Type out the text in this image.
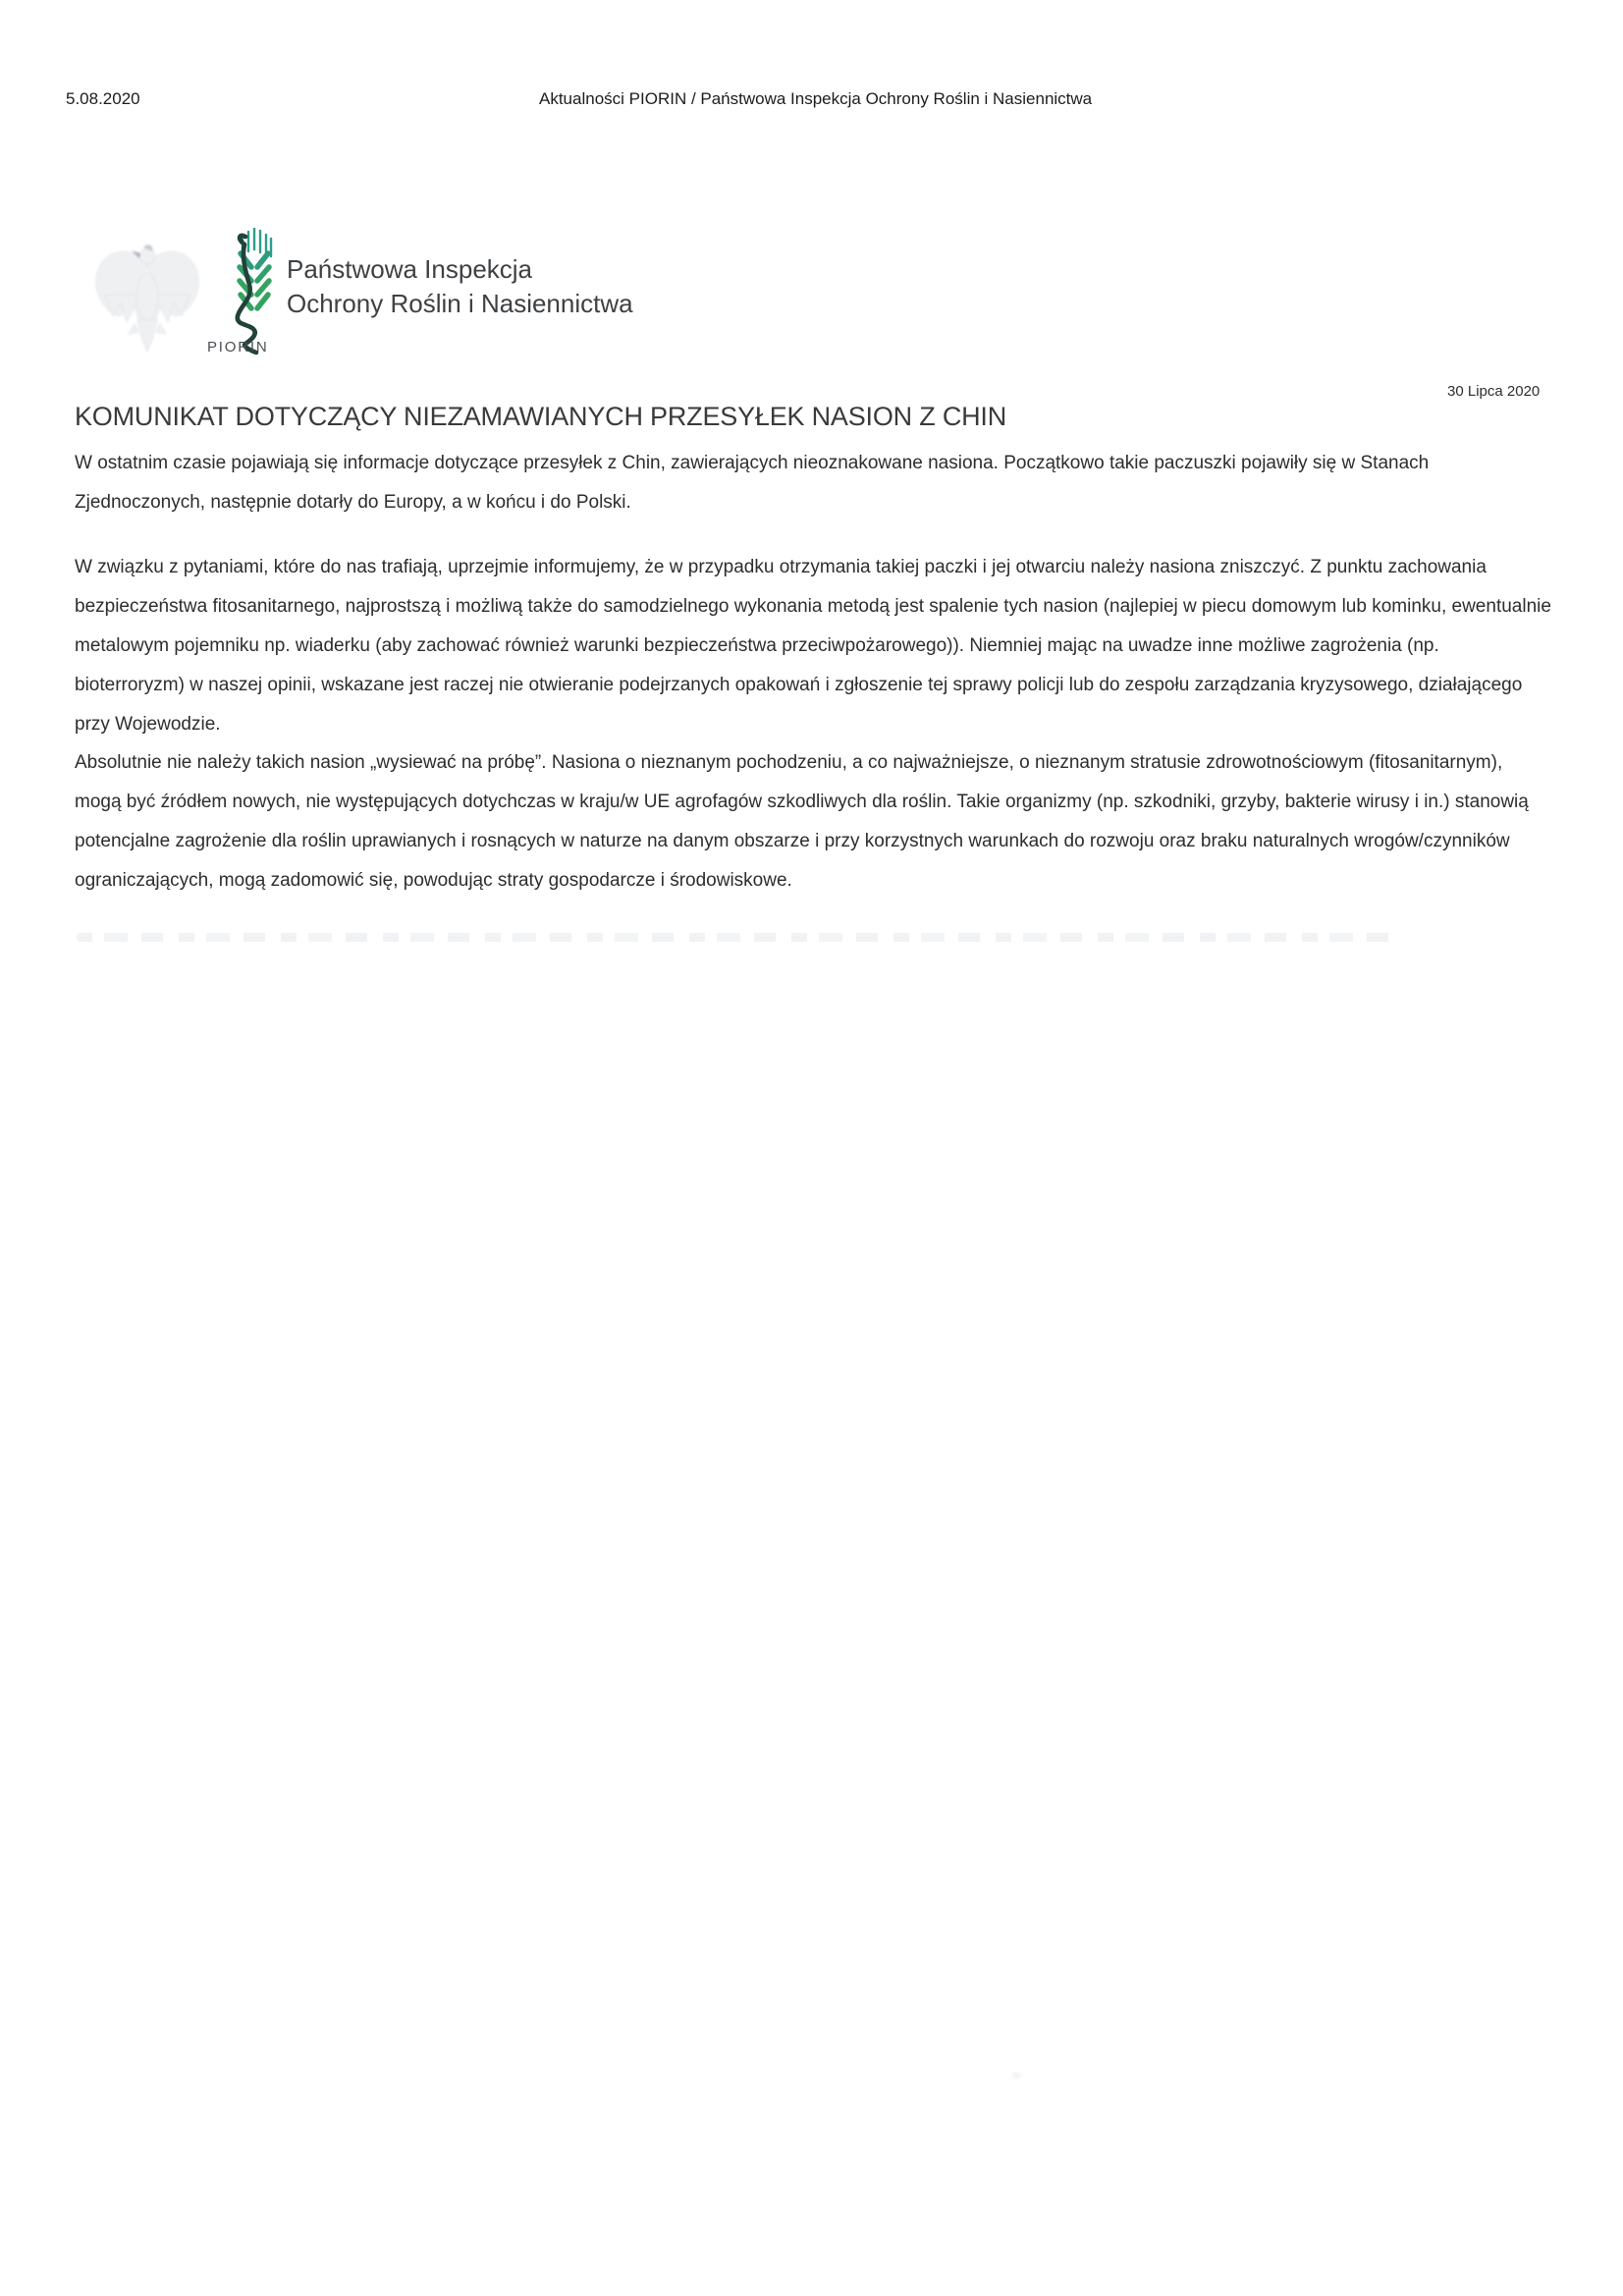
5.08.2020	Aktualności PIORIN / Państwowa Inspekcja Ochrony Roślin i Nasiennictwa
PIORIN
Państwowa Inspekcja
Ochrony Roślin i Nasiennictwa
30 Lipca 2020
KOMUNIKAT DOTYCZĄCY NIEZAMAWIANYCH PRZESYŁEK NASION Z CHIN

W ostatnim czasie pojawiają się informacje dotyczące przesyłek z Chin, zawierających nieoznakowane nasiona. Początkowo takie paczuszki pojawiły się w Stanach Zjednoczonych, następnie dotarły do Europy, a w końcu i do Polski.

W związku z pytaniami, które do nas trafiają, uprzejmie informujemy, że w przypadku otrzymania takiej paczki i jej otwarciu należy nasiona zniszczyć. Z punktu zachowania bezpieczeństwa fitosanitarnego, najprostszą i możliwą także do samodzielnego wykonania metodą jest spalenie tych nasion (najlepiej w piecu domowym lub kominku, ewentualnie metalowym pojemniku np. wiaderku (aby zachować również warunki bezpieczeństwa przeciwpożarowego)). Niemniej mając na uwadze inne możliwe zagrożenia (np. bioterroryzm) w naszej opinii, wskazane jest raczej nie otwieranie podejrzanych opakowań i zgłoszenie tej sprawy policji lub do zespołu zarządzania kryzysowego, działającego przy Wojewodzie.

Absolutnie nie należy takich nasion „wysiewać na próbę”. Nasiona o nieznanym pochodzeniu, a co najważniejsze, o nieznanym stratusie zdrowotnościowym (fitosanitarnym), mogą być źródłem nowych, nie występujących dotychczas w kraju/w UE agrofagów szkodliwych dla roślin. Takie organizmy (np. szkodniki, grzyby, bakterie wirusy i in.) stanowią potencjalne zagrożenie dla roślin uprawianych i rosnących w naturze na danym obszarze i przy korzystnych warunkach do rozwoju oraz braku naturalnych wrogów/czynników ograniczających, mogą zadomowić się, powodując straty gospodarcze i środowiskowe.
